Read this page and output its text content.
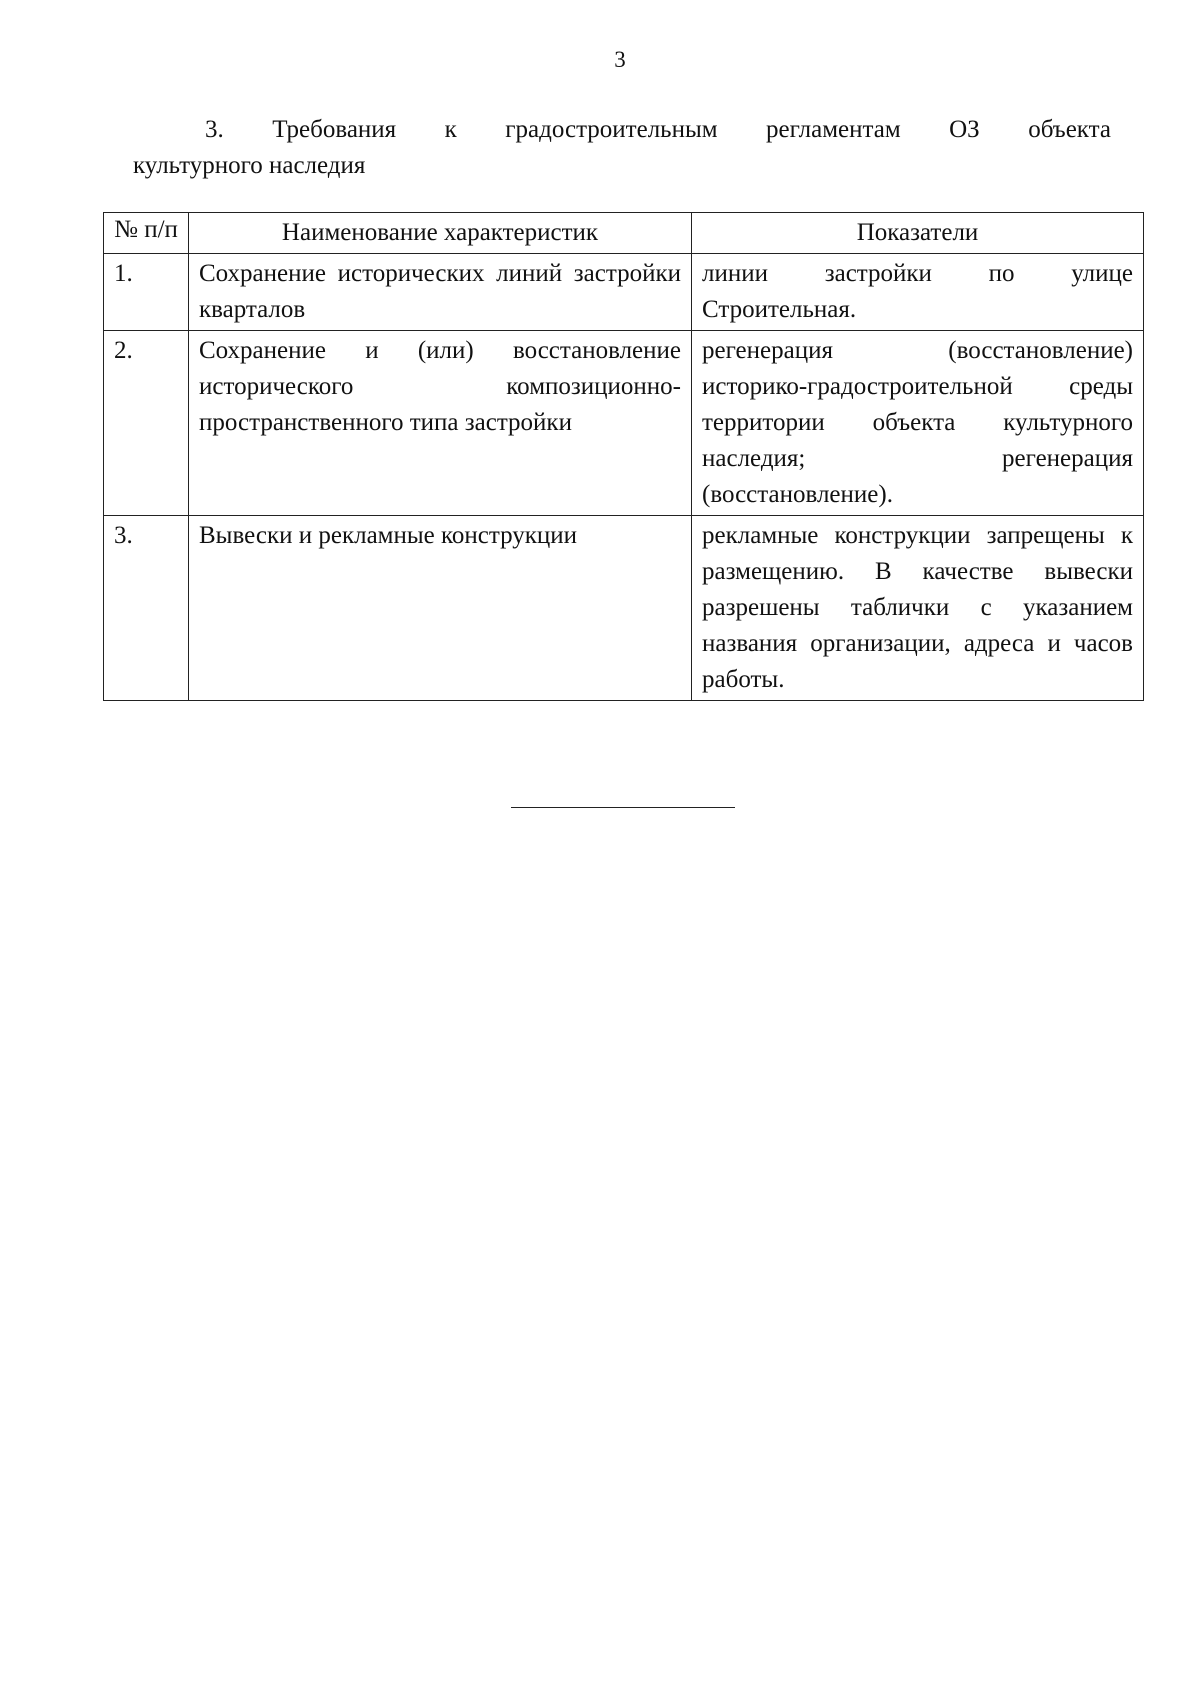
3
3. Требования к градостроительным регламентам ОЗ объекта
культурного наследия
№ п/п	Наименование характеристик	Показатели
1.	Сохранение исторических линий застройки кварталов	линии застройки по улице Строительная.
2.	Сохранение и (или) восстановление исторического композиционно-пространственного типа застройки	регенерация (восстановление) историко-градостроительной среды территории объекта культурного наследия; регенерация (восстановление).
3.	Вывески и рекламные конструкции	рекламные конструкции запрещены к размещению. В качестве вывески разрешены таблички с указанием названия организации, адреса и часов работы.
